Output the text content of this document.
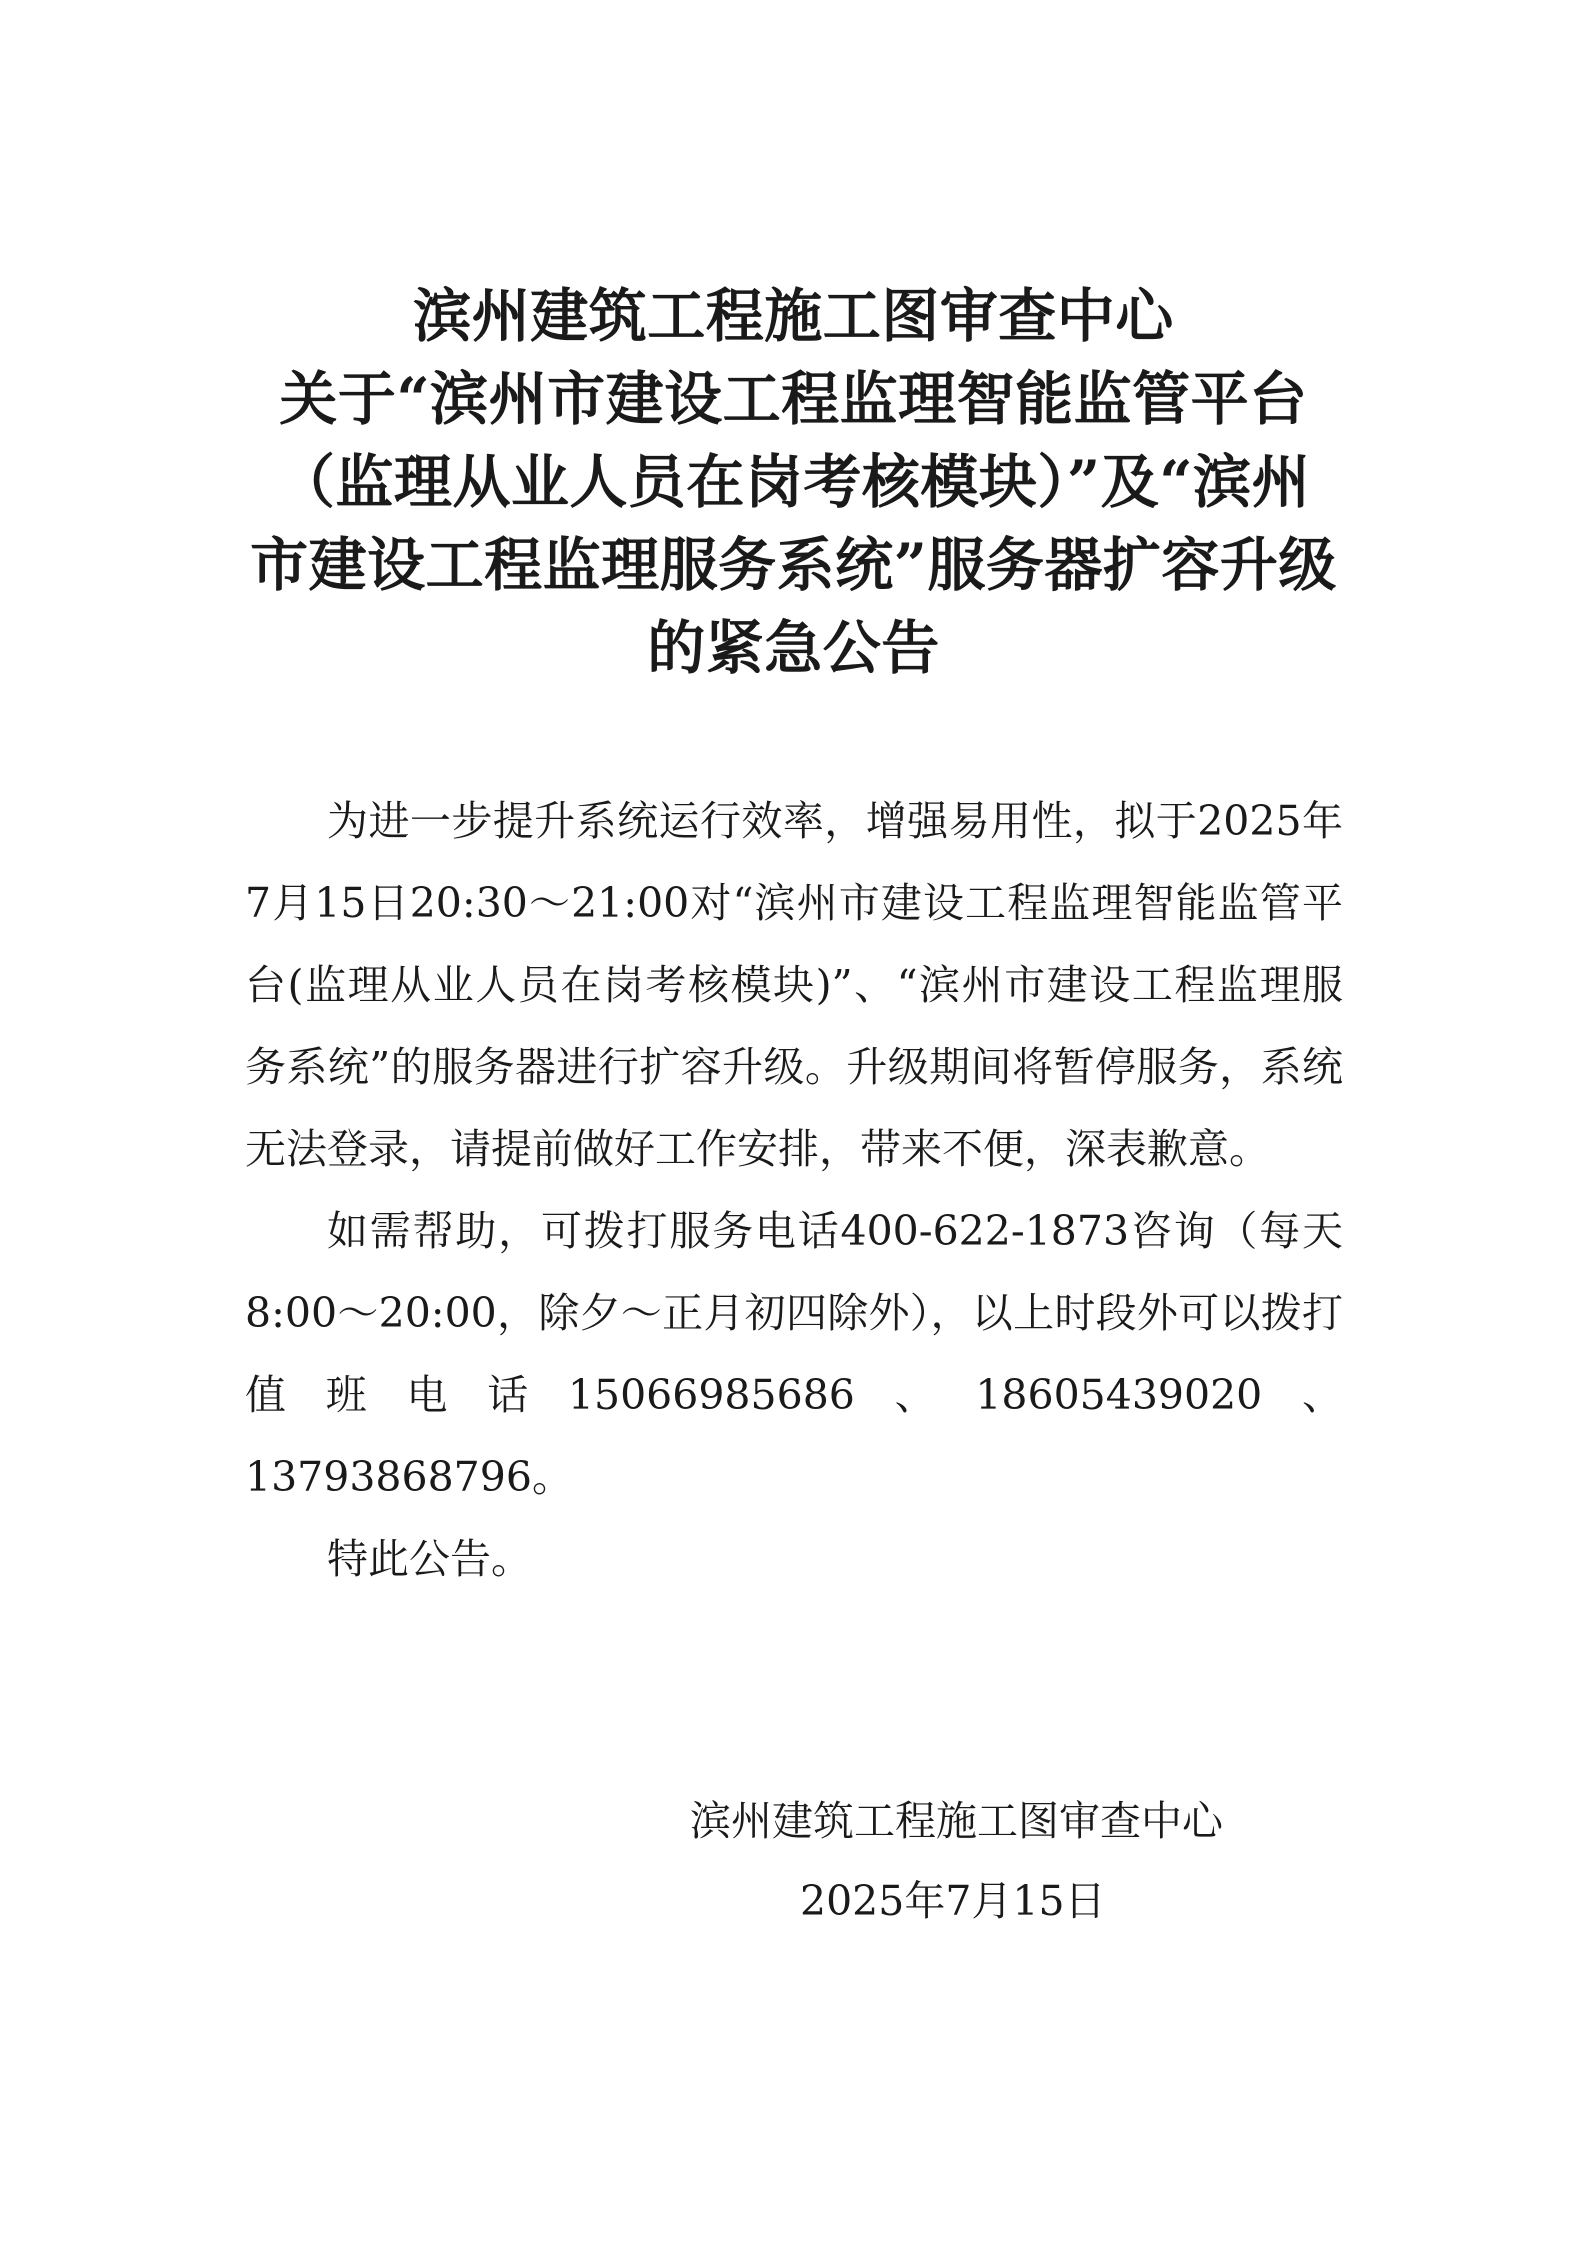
滨州建筑工程施工图审查中心
关于“滨州市建设工程监理智能监管平台
（监理从业人员在岗考核模块）”及“滨州
市建设工程监理服务系统”服务器扩容升级
的紧急公告

为进一步提升系统运行效率，增强易用性，拟于2025年7月15日20:30～21:00对“滨州市建设工程监理智能监管平台(监理从业人员在岗考核模块)”、“滨州市建设工程监理服务系统”的服务器进行扩容升级。升级期间将暂停服务，系统无法登录，请提前做好工作安排，带来不便，深表歉意。

如需帮助，可拨打服务电话400-622-1873咨询（每天8:00～20:00，除夕～正月初四除外），以上时段外可以拨打值班电话15066985686、18605439020、13793868796。

特此公告。

滨州建筑工程施工图审查中心
2025年7月15日
